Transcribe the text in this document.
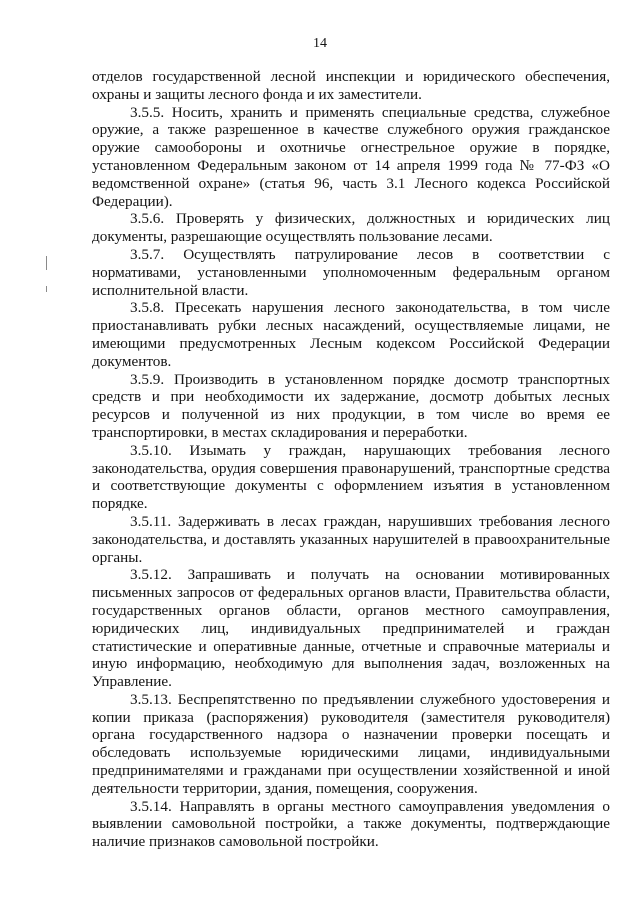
14

отделов государственной лесной инспекции и юридического обеспечения, охраны и защиты лесного фонда и их заместители.

3.5.5. Носить, хранить и применять специальные средства, служебное оружие, а также разрешенное в качестве служебного оружия гражданское оружие самообороны и охотничье огнестрельное оружие в порядке, установленном Федеральным законом от 14 апреля 1999 года № 77-ФЗ «О ведомственной охране» (статья 96, часть 3.1 Лесного кодекса Российской Федерации).

3.5.6. Проверять у физических, должностных и юридических лиц документы, разрешающие осуществлять пользование лесами.

3.5.7. Осуществлять патрулирование лесов в соответствии с нормативами, установленными уполномоченным федеральным органом исполнительной власти.

3.5.8. Пресекать нарушения лесного законодательства, в том числе приостанавливать рубки лесных насаждений, осуществляемые лицами, не имеющими предусмотренных Лесным кодексом Российской Федерации документов.

3.5.9. Производить в установленном порядке досмотр транспортных средств и при необходимости их задержание, досмотр добытых лесных ресурсов и полученной из них продукции, в том числе во время ее транспортировки, в местах складирования и переработки.

3.5.10. Изымать у граждан, нарушающих требования лесного законодательства, орудия совершения правонарушений, транспортные средства и соответствующие документы с оформлением изъятия в установленном порядке.

3.5.11. Задерживать в лесах граждан, нарушивших требования лесного законодательства, и доставлять указанных нарушителей в правоохранительные органы.

3.5.12. Запрашивать и получать на основании мотивированных письменных запросов от федеральных органов власти, Правительства области, государственных органов области, органов местного самоуправления, юридических лиц, индивидуальных предпринимателей и граждан статистические и оперативные данные, отчетные и справочные материалы и иную информацию, необходимую для выполнения задач, возложенных на Управление.

3.5.13. Беспрепятственно по предъявлении служебного удостоверения и копии приказа (распоряжения) руководителя (заместителя руководителя) органа государственного надзора о назначении проверки посещать и обследовать используемые юридическими лицами, индивидуальными предпринимателями и гражданами при осуществлении хозяйственной и иной деятельности территории, здания, помещения, сооружения.

3.5.14. Направлять в органы местного самоуправления уведомления о выявлении самовольной постройки, а также документы, подтверждающие наличие признаков самовольной постройки.
